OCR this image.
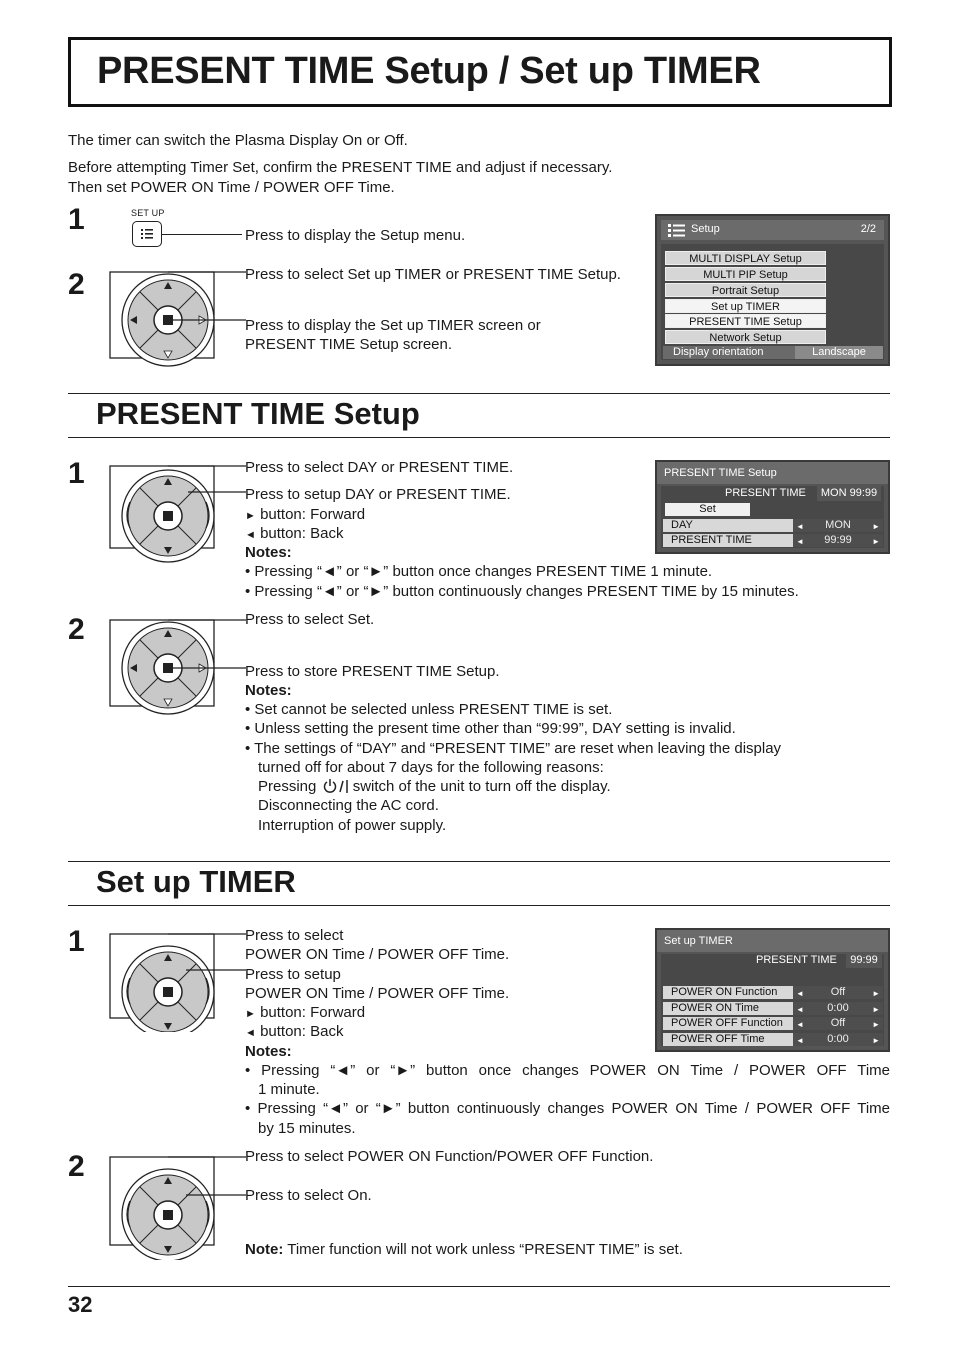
PRESENT TIME Setup / Set up TIMER
The timer can switch the Plasma Display On or Off.
Before attempting Timer Set, confirm the PRESENT TIME and adjust if necessary.
Then set POWER ON Time / POWER OFF Time.
1
2
SET UP
Press to display the Setup menu.
Press to select Set up TIMER or PRESENT TIME Setup.
Press to display the Set up TIMER screen or
PRESENT TIME Setup screen.
Setup	2/2
MULTI DISPLAY Setup
MULTI PIP Setup
Portrait Setup
Set up TIMER
PRESENT TIME Setup
Network Setup
Display orientation	Landscape
PRESENT TIME Setup
1	Press to select DAY or PRESENT TIME.
Press to setup DAY or PRESENT TIME.
► button: Forward
◄ button: Back
Notes:
• Pressing “◄” or “►” button once changes PRESENT TIME 1 minute.
• Pressing “◄” or “►” button continuously changes PRESENT TIME by 15 minutes.
PRESENT TIME Setup
PRESENT TIME	MON 99:99
Set
DAY	◄ MON	►
PRESENT TIME	◄ 99:99	►
2	Press to select Set.
Press to store PRESENT TIME Setup.
Notes:
• Set cannot be selected unless PRESENT TIME is set.
• Unless setting the present time other than “99:99”, DAY setting is invalid.
• The settings of “DAY” and “PRESENT TIME” are reset when leaving the display
turned off for about 7 days for the following reasons:
Pressing switch of the unit to turn off the display.
Disconnecting the AC cord.
Interruption of power supply.
Set up TIMER
1	Press to select
POWER ON Time / POWER OFF Time.
Press to setup
POWER ON Time / POWER OFF Time.
► button: Forward
◄ button: Back
Notes:
• Pressing “◄” or “►” button once changes POWER ON Time / POWER OFF Time
1 minute.
• Pressing “◄” or “►” button continuously changes POWER ON Time / POWER OFF Time
by 15 minutes.
Set up TIMER
PRESENT TIME	99:99
POWER ON Function ◄ Off	►
POWER ON Time	◄ 0:00	►
POWER OFF Function ◄ Off	►
POWER OFF Time	◄ 0:00	►
2	Press to select POWER ON Function/POWER OFF Function.
Press to select On.
Note: Timer function will not work unless “PRESENT TIME” is set.
32
